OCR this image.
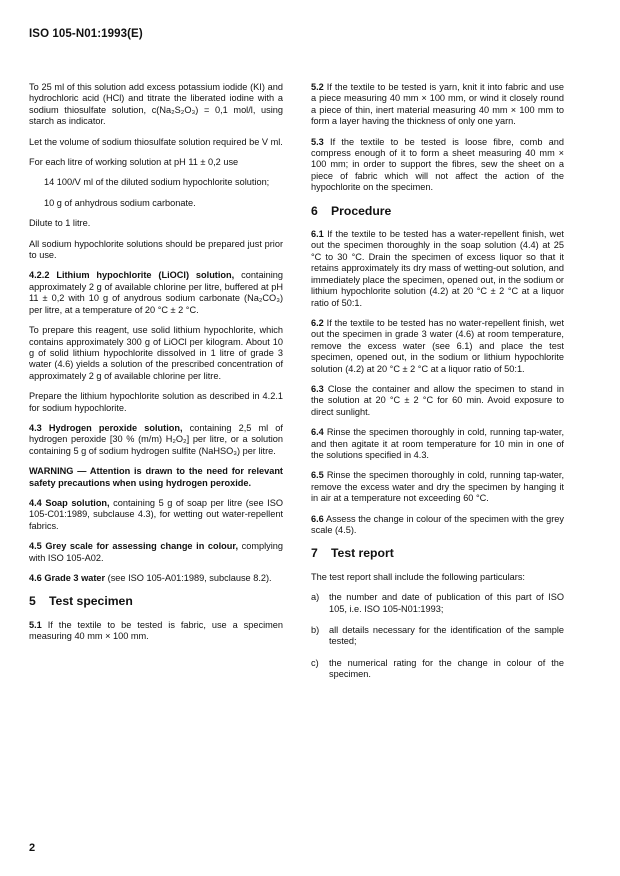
ISO 105-N01:1993(E)

To 25 ml of this solution add excess potassium iodide (KI) and hydrochloric acid (HCl) and titrate the liberated iodine with a sodium thiosulfate solution, c(Na₂S₂O₃) = 0,1 mol/l, using starch as indicator.

Let the volume of sodium thiosulfate solution required be V ml.

For each litre of working solution at pH 11 ± 0,2 use

14 100/V ml of the diluted sodium hypochlorite solution;

10 g of anhydrous sodium carbonate.

Dilute to 1 litre.

All sodium hypochlorite solutions should be prepared just prior to use.

4.2.2 Lithium hypochlorite (LiOCl) solution, containing approximately 2 g of available chlorine per litre, buffered at pH 11 ± 0,2 with 10 g of anydrous sodium carbonate (Na₂CO₃) per litre, at a temperature of 20 °C ± 2 °C.

To prepare this reagent, use solid lithium hypochlorite, which contains approximately 300 g of LiOCl per kilogram. About 10 g of solid lithium hypochlorite dissolved in 1 litre of grade 3 water (4.6) yields a solution of the prescribed concentration of approximately 2 g of available chlorine per litre.

Prepare the lithium hypochlorite solution as described in 4.2.1 for sodium hypochlorite.

4.3 Hydrogen peroxide solution, containing 2,5 ml of hydrogen peroxide [30 % (m/m) H₂O₂] per litre, or a solution containing 5 g of sodium hydrogen sulfite (NaHSO₃) per litre.

WARNING — Attention is drawn to the need for relevant safety precautions when using hydrogen peroxide.

4.4 Soap solution, containing 5 g of soap per litre (see ISO 105-C01:1989, subclause 4.3), for wetting out water-repellent fabrics.

4.5 Grey scale for assessing change in colour, complying with ISO 105-A02.

4.6 Grade 3 water (see ISO 105-A01:1989, subclause 8.2).

5 Test specimen

5.1 If the textile to be tested is fabric, use a specimen measuring 40 mm × 100 mm.

5.2 If the textile to be tested is yarn, knit it into fabric and use a piece measuring 40 mm × 100 mm, or wind it closely round a piece of thin, inert material measuring 40 mm × 100 mm to form a layer having the thickness of only one yarn.

5.3 If the textile to be tested is loose fibre, comb and compress enough of it to form a sheet measuring 40 mm × 100 mm; in order to support the fibres, sew the sheet on a piece of fabric which will not affect the action of the hypochlorite on the specimen.

6 Procedure

6.1 If the textile to be tested has a water-repellent finish, wet out the specimen thoroughly in the soap solution (4.4) at 25 °C to 30 °C. Drain the specimen of excess liquor so that it retains approximately its dry mass of wetting-out solution, and immediately place the specimen, opened out, in the sodium or lithium hypochlorite solution (4.2) at 20 °C ± 2 °C at a liquor ratio of 50:1.

6.2 If the textile to be tested has no water-repellent finish, wet out the specimen in grade 3 water (4.6) at room temperature, remove the excess water (see 6.1) and place the test specimen, opened out, in the sodium or lithium hypochlorite solution (4.2) at 20 °C ± 2 °C at a liquor ratio of 50:1.

6.3 Close the container and allow the specimen to stand in the solution at 20 °C ± 2 °C for 60 min. Avoid exposure to direct sunlight.

6.4 Rinse the specimen thoroughly in cold, running tap-water, and then agitate it at room temperature for 10 min in one of the solutions specified in 4.3.

6.5 Rinse the specimen thoroughly in cold, running tap-water, remove the excess water and dry the specimen by hanging it in air at a temperature not exceeding 60 °C.

6.6 Assess the change in colour of the specimen with the grey scale (4.5).

7 Test report

The test report shall include the following particulars:

a)	the number and date of publication of this part of ISO 105, i.e. ISO 105-N01:1993;
b)	all details necessary for the identification of the sample tested;
c)	the numerical rating for the change in colour of the specimen.
2
